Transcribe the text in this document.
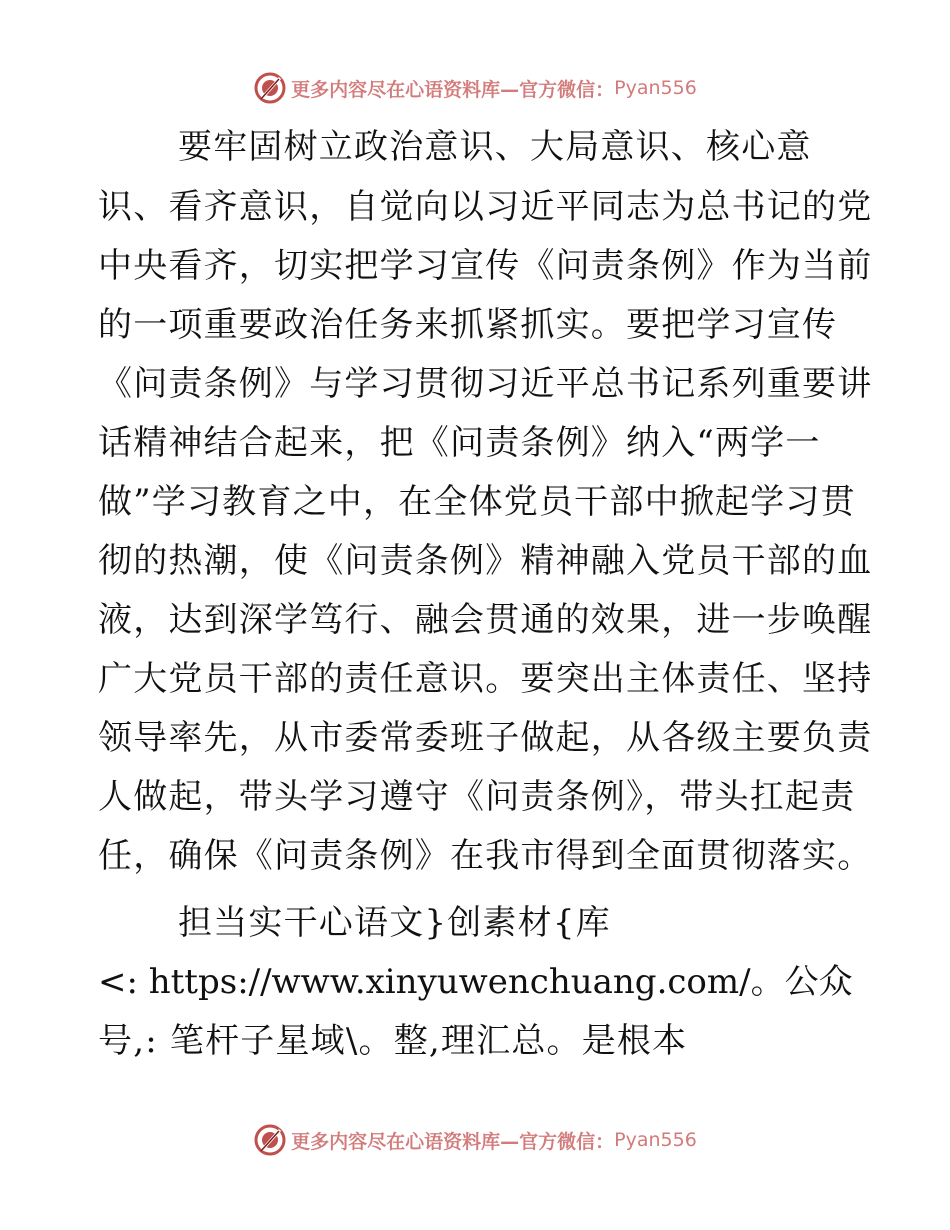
更多内容尽在心语资料库—官方微信： Pyan556
要牢固树立政治意识、大局意识、核心意
识、看齐意识，自觉向以习近平同志为总书记的党
中央看齐，切实把学习宣传《问责条例》作为当前
的一项重要政治任务来抓紧抓实。要把学习宣传
《问责条例》与学习贯彻习近平总书记系列重要讲
话精神结合起来，把《问责条例》纳入“两学一
做”学习教育之中，在全体党员干部中掀起学习贯
彻的热潮，使《问责条例》精神融入党员干部的血
液，达到深学笃行、融会贯通的效果，进一步唤醒
广大党员干部的责任意识。要突出主体责任、坚持
领导率先，从市委常委班子做起，从各级主要负责
人做起，带头学习遵守《问责条例》，带头扛起责
任，确保《问责条例》在我市得到全面贯彻落实。
担当实干心语文}创素材{库
<: https://www.xinyuwenchuang.com/。公众
号,: 笔杆子星域\。整,理汇总。是根本
更多内容尽在心语资料库—官方微信： Pyan556
